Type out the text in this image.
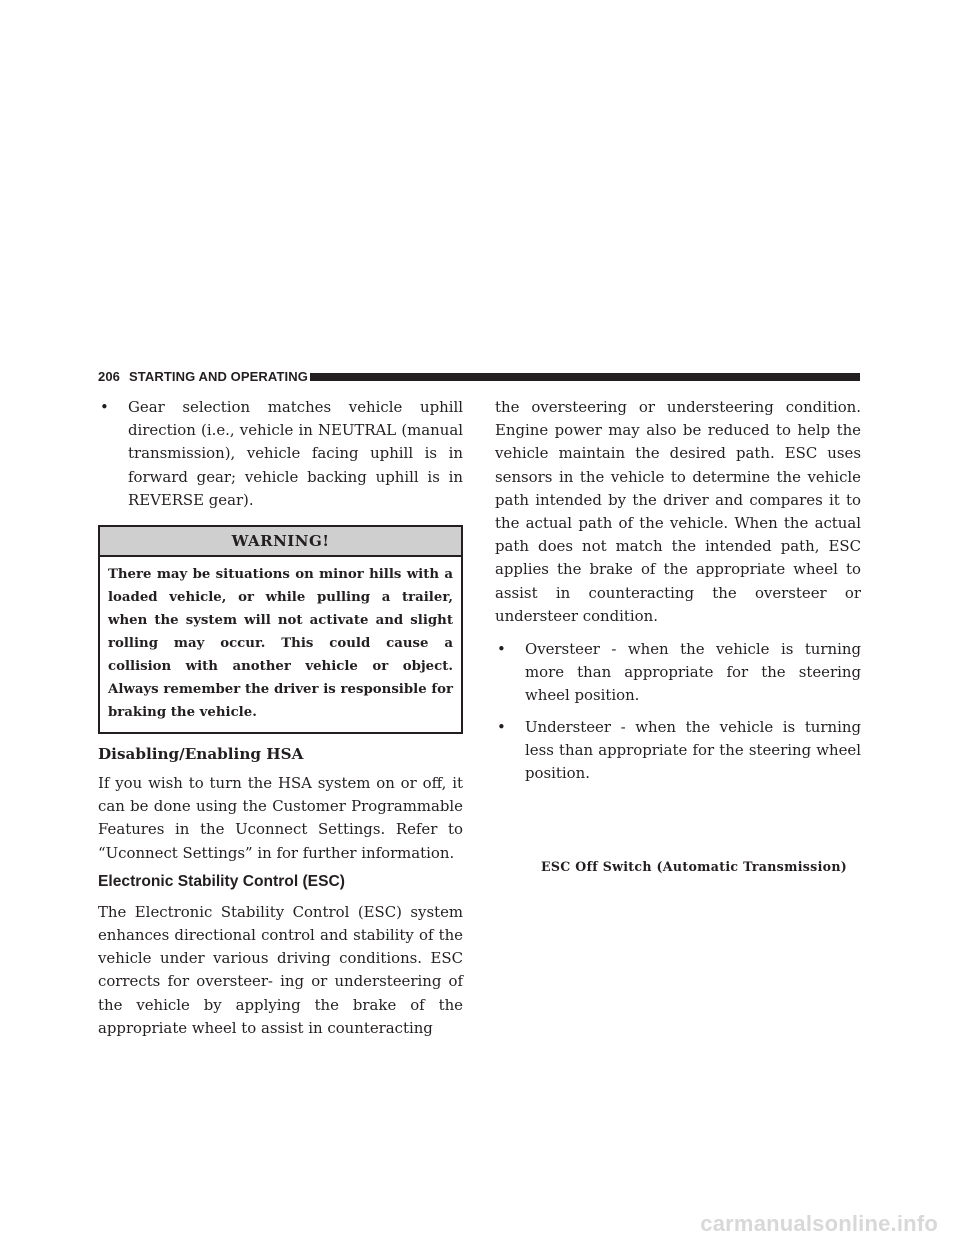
206 STARTING AND OPERATING
• Gear selection matches vehicle uphill direction (i.e., vehicle in NEUTRAL (manual transmission), vehicle facing uphill is in forward gear; vehicle backing uphill is in REVERSE gear).
WARNING!
There may be situations on minor hills with a loaded vehicle, or while pulling a trailer, when the system will not activate and slight rolling may occur. This could cause a collision with another vehicle or object. Always remember the driver is responsible for braking the vehicle.
Disabling/Enabling HSA

If you wish to turn the HSA system on or off, it can be done using the Customer Programmable Features in the Uconnect Settings. Refer to “Uconnect Settings” in for further information.

Electronic Stability Control (ESC)

The Electronic Stability Control (ESC) system enhances directional control and stability of the vehicle under various driving conditions. ESC corrects for oversteer- ing or understeering of the vehicle by applying the brake of the appropriate wheel to assist in counteracting

the oversteering or understeering condition. Engine power may also be reduced to help the vehicle maintain the desired path. ESC uses sensors in the vehicle to determine the vehicle path intended by the driver and compares it to the actual path of the vehicle. When the actual path does not match the intended path, ESC applies the brake of the appropriate wheel to assist in counteracting the oversteer or understeer condition.

• Oversteer - when the vehicle is turning more than appropriate for the steering wheel position.
• Understeer - when the vehicle is turning less than appropriate for the steering wheel position.
ESC Off Switch (Automatic Transmission)
carmanualsonline.info
